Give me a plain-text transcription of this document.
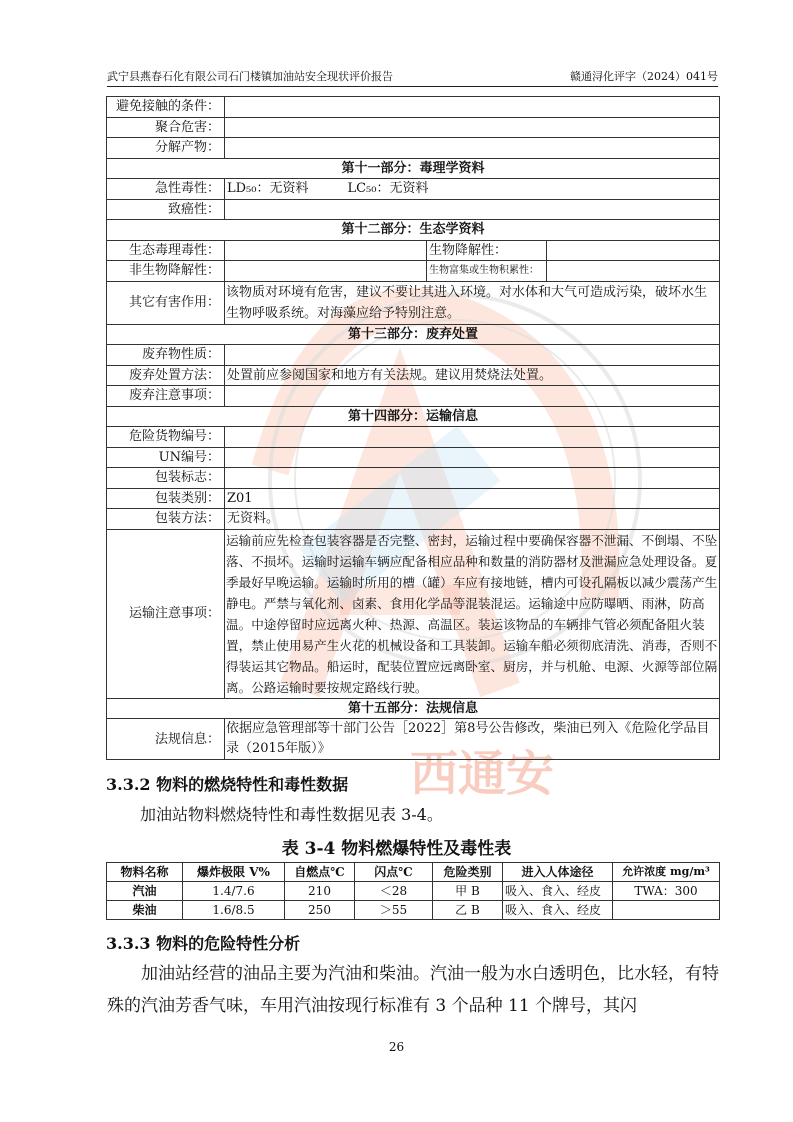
西通安
武宁县燕春石化有限公司石门楼镇加油站安全现状评价报告	赣通浔化评字（2024）041号
避免接触的条件：			
聚合危害：			
分解产物：			
第十一部分：毒理学资料			
急性毒性：	LD₅₀：无资料　　　LC₅₀：无资料		
致癌性：			
第十二部分：生态学资料			
生态毒理毒性：		生物降解性：	
非生物降解性：		生物富集或生物积累性：	
其它有害作用：	该物质对环境有危害，建议不要让其进入环境。对水体和大气可造成污染，破坏水生生物呼吸系统。对海藻应给予特别注意。		
第十三部分：废弃处置			
废弃物性质：			
废弃处置方法：	处置前应参阅国家和地方有关法规。建议用焚烧法处置。		
废弃注意事项：			
第十四部分：运输信息			
危险货物编号：			
UN编号：			
包装标志：			
包装类别：	Z01		
包装方法：	无资料。		
运输注意事项：	运输前应先检查包装容器是否完整、密封，运输过程中要确保容器不泄漏、不倒塌、不坠落、不损坏。运输时运输车辆应配备相应品种和数量的消防器材及泄漏应急处理设备。夏季最好早晚运输。运输时所用的槽（罐）车应有接地链，槽内可设孔隔板以减少震荡产生静电。严禁与氧化剂、卤素、食用化学品等混装混运。运输途中应防曝晒、雨淋，防高温。中途停留时应远离火种、热源、高温区。装运该物品的车辆排气管必须配备阻火装置，禁止使用易产生火花的机械设备和工具装卸。运输车船必须彻底清洗、消毒，否则不得装运其它物品。船运时，配装位置应远离卧室、厨房，并与机舱、电源、火源等部位隔离。公路运输时要按规定路线行驶。		
第十五部分：法规信息			
法规信息：	依据应急管理部等十部门公告［2022］第8号公告修改，柴油已列入《危险化学品目录（2015年版）》		
3.3.2 物料的燃烧特性和毒性数据
加油站物料燃烧特性和毒性数据见表 3-4。
表 3-4 物料燃爆特性及毒性表
物料名称	爆炸极限 V%	自燃点℃	闪点℃	危险类别	进入人体途径	允许浓度 mg/m³
汽油	1.4/7.6	210	＜28	甲 B	吸入、食入、经皮	TWA：300
柴油	1.6/8.5	250	＞55	乙 B	吸入、食入、经皮	
3.3.3 物料的危险特性分析
加油站经营的油品主要为汽油和柴油。汽油一般为水白透明色，比水轻，有特殊的汽油芳香气味，车用汽油按现行标准有 3 个品种 11 个牌号，其闪
26
